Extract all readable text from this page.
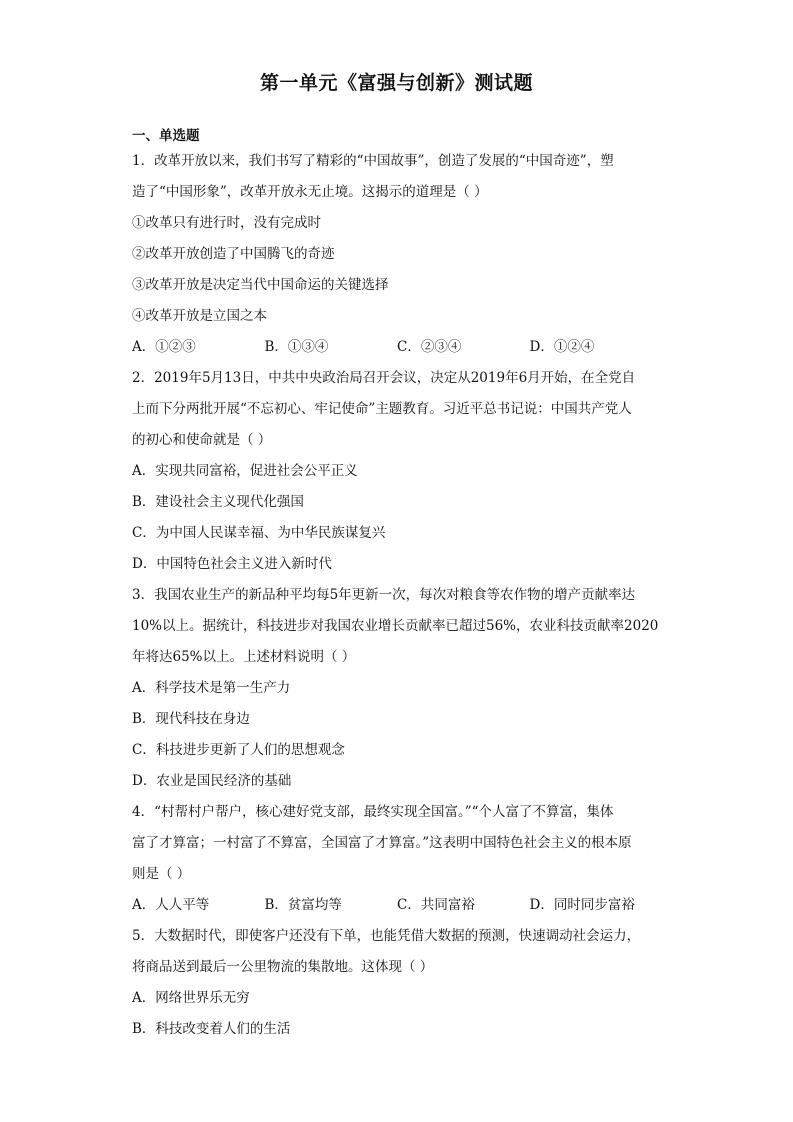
第一单元《富强与创新》测试题
一、单选题
1．改革开放以来，我们书写了精彩的“中国故事”，创造了发展的“中国奇迹”，塑
造了“中国形象”，改革开放永无止境。这揭示的道理是（ ）
①改革只有进行时，没有完成时
②改革开放创造了中国腾飞的奇迹
③改革开放是决定当代中国命运的关键选择
④改革开放是立国之本
A．①②③	B．①③④	C．②③④	D．①②④
2．2019年5月13日，中共中央政治局召开会议，决定从2019年6月开始，在全党自
上而下分两批开展“不忘初心、牢记使命”主题教育。习近平总书记说：中国共产党人
的初心和使命就是（ ）
A．实现共同富裕，促进社会公平正义
B．建设社会主义现代化强国
C．为中国人民谋幸福、为中华民族谋复兴
D．中国特色社会主义进入新时代
3．我国农业生产的新品种平均每5年更新一次，每次对粮食等农作物的增产贡献率达
10%以上。据统计，科技进步对我国农业增长贡献率已超过56%，农业科技贡献率2020
年将达65%以上。上述材料说明（ ）
A．科学技术是第一生产力
B．现代科技在身边
C．科技进步更新了人们的思想观念
D．农业是国民经济的基础
4．“村帮村户帮户，核心建好党支部，最终实现全国富。”“个人富了不算富，集体
富了才算富；一村富了不算富，全国富了才算富。”这表明中国特色社会主义的根本原
则是（ ）
A．人人平等	B．贫富均等	C．共同富裕	D．同时同步富裕
5．大数据时代，即使客户还没有下单，也能凭借大数据的预测，快速调动社会运力，
将商品送到最后一公里物流的集散地。这体现（ ）
A．网络世界乐无穷
B．科技改变着人们的生活
